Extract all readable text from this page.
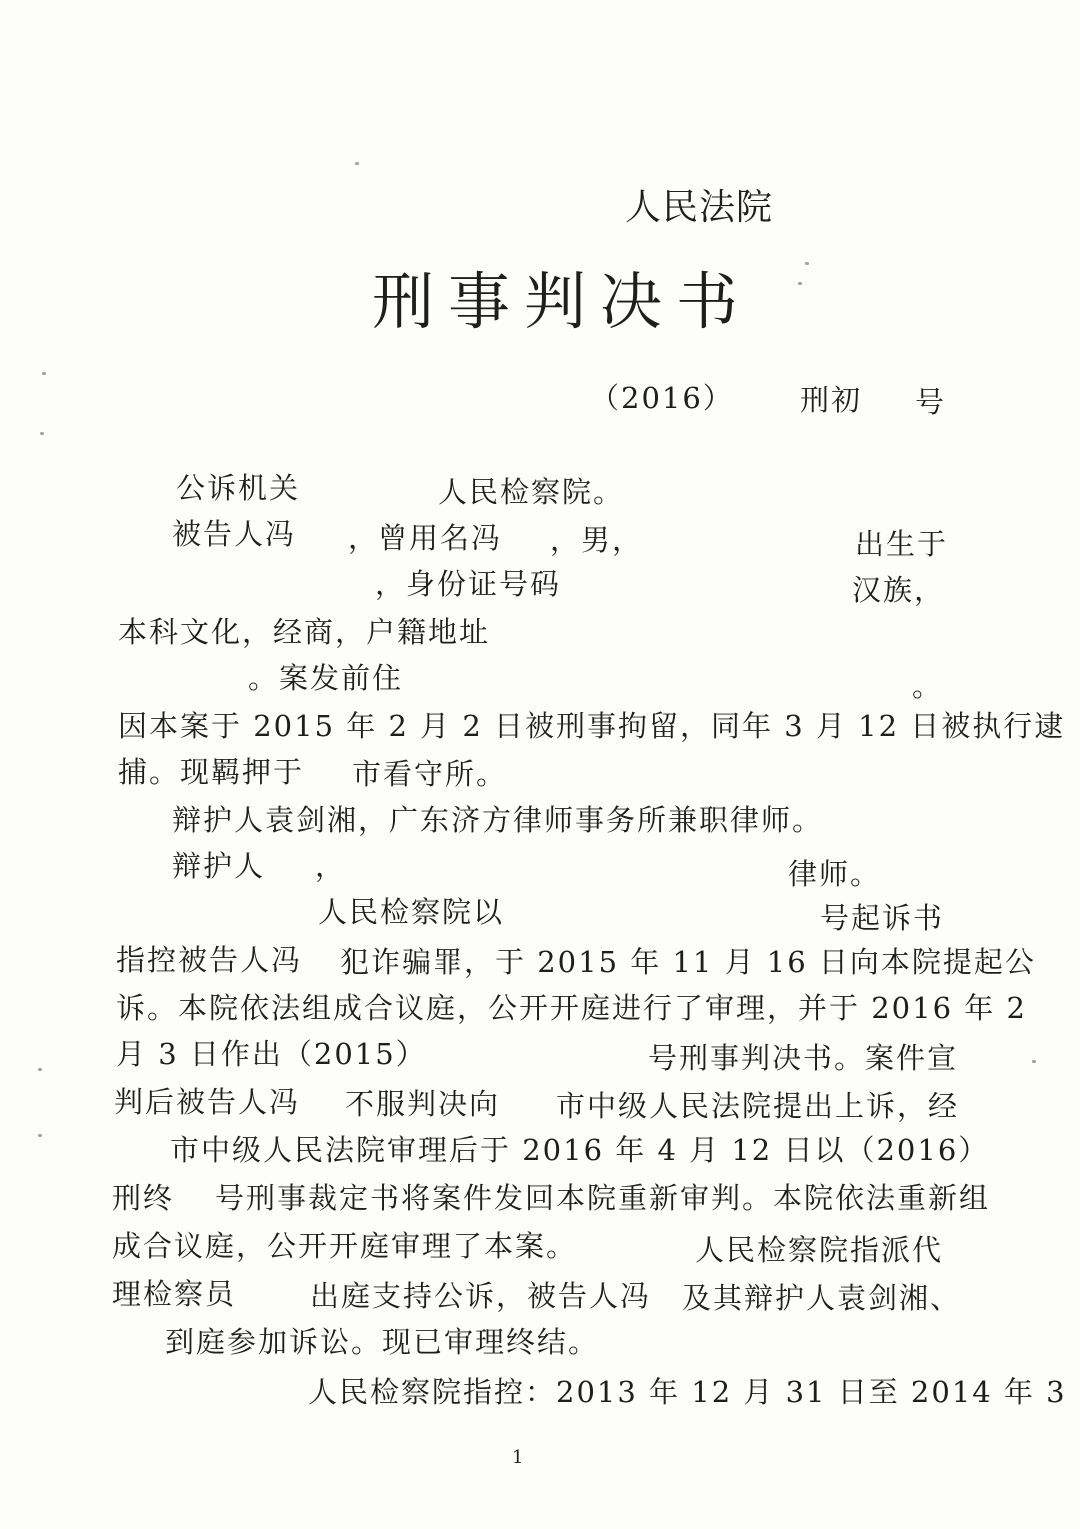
人民法院
刑事判决书
（2016） 刑初 号
公诉机关	人民检察院。
被告人冯 ，
曾用名冯 ，男，	出生于
，身份证号码	汉族，
本科文化，经商，户籍地址
。案发前住	。
因本案于 2015 年 2 月 2 日被刑事拘留，同年 3 月 12 日被执行逮
捕。现羁押于 市看守所。
辩护人袁剑湘，广东济方律师事务所兼职律师。
辩护人 ，	律师。
人民检察院以	号起诉书
指控被告人冯 犯诈骗罪，于 2015 年 11 月 16 日向本院提起公
诉。本院依法组成合议庭，公开开庭进行了审理，并于 2016 年 2
月 3 日作出（2015）	号刑事判决书。案件宣
判后被告人冯 不服判决向 市中级人民法院提出上诉，经
市中级人民法院审理后于 2016 年 4 月 12 日以（2016）
刑终 号刑事裁定书将案件发回本院重新审判。本院依法重新组
成合议庭，公开开庭审理了本案。	人民检察院指派代
理检察员	出庭支持公诉，被告人冯 及其辩护人袁剑湘、
到庭参加诉讼。现已审理终结。
人民检察院指控：2013 年 12 月 31 日至 2014 年 3
1
